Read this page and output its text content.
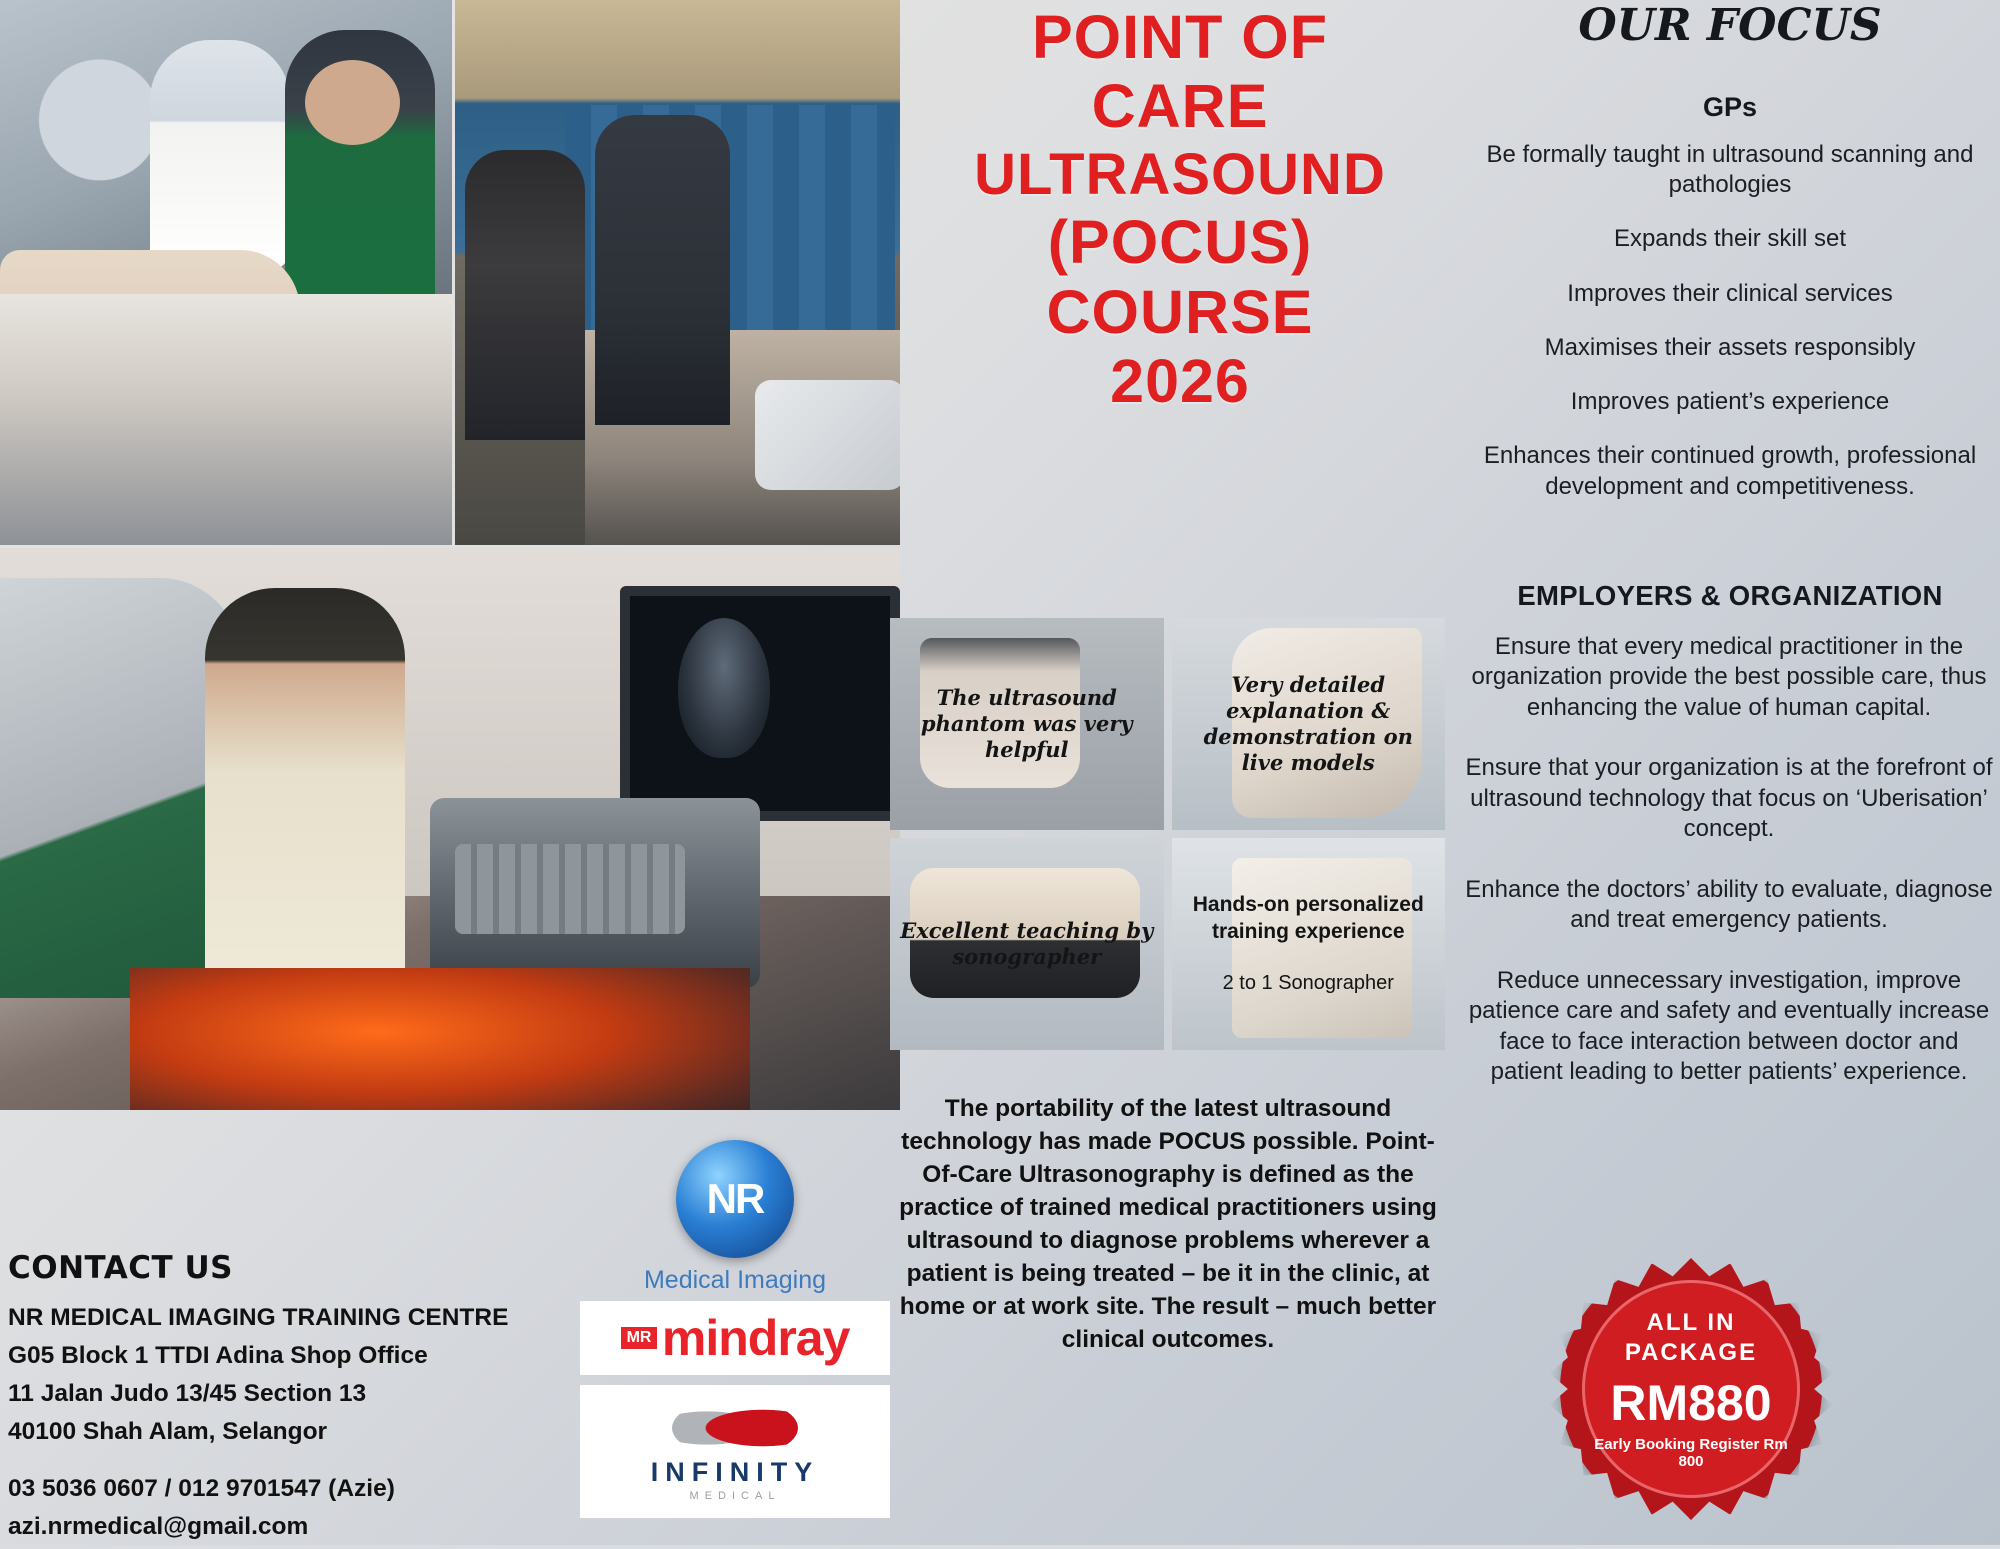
POINT OF
CARE
ULTRASOUND
(POCUS)
COURSE
2026
The ultrasound phantom was very helpful
Very detailed explanation & demonstration on live models
Excellent teaching by sonographer
Hands-on personalized training experience
2 to 1 Sonographer
The portability of the latest ultrasound technology has made POCUS possible. Point-Of-Care Ultrasonography is defined as the practice of trained medical practitioners using ultrasound to diagnose problems wherever a patient is being treated – be it in the clinic, at home or at work site. The result – much better clinical outcomes.
OUR FOCUS
GPs

Be formally taught in ultrasound scanning and pathologies

Expands their skill set

Improves their clinical services

Maximises their assets responsibly

Improves patient’s experience

Enhances their continued growth, professional development and competitiveness.

EMPLOYERS & ORGANIZATION

Ensure that every medical practitioner in the organization provide the best possible care, thus enhancing the value of human capital.

Ensure that your organization is at the forefront of ultrasound technology that focus on ‘Uberisation’ concept.

Enhance the doctors’ ability to evaluate, diagnose and treat emergency patients.

Reduce unnecessary investigation, improve patience care and safety and eventually increase face to face interaction between doctor and patient leading to better patients’ experience.

CONTACT US

NR MEDICAL IMAGING TRAINING CENTRE

G05 Block 1 TTDI Adina Shop Office

11 Jalan Judo 13/45 Section 13

40100 Shah Alam, Selangor

03 5036 0607 / 012 9701547 (Azie)

azi.nrmedical@gmail.com

NR
Medical Imaging
MR mindray
INFINITY
MEDICAL
ALL IN
PACKAGE
RM880
Early Booking Register Rm 800
